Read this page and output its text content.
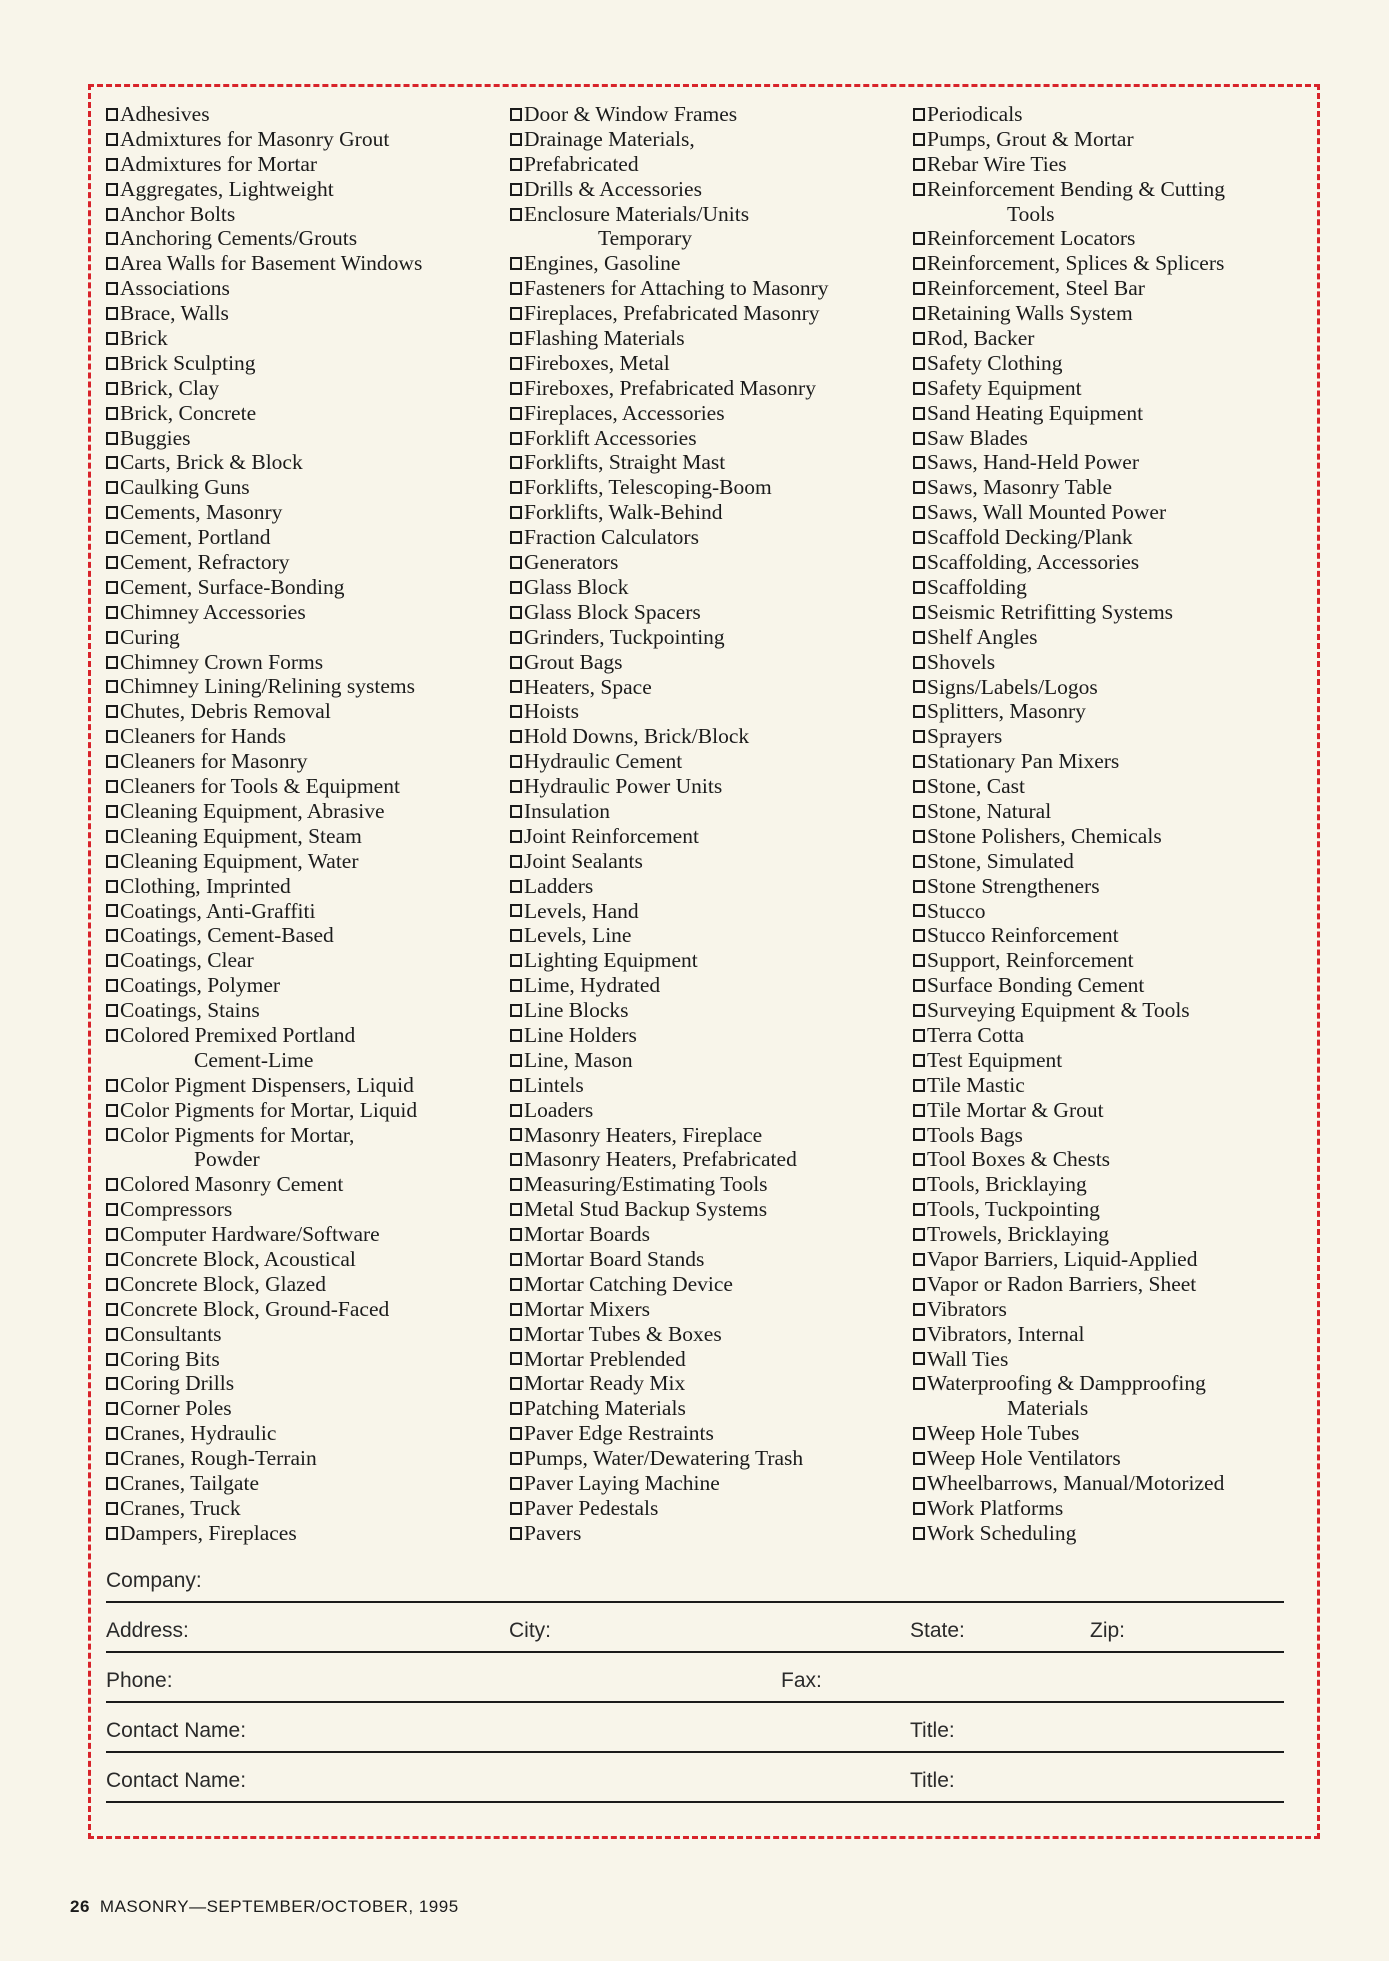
Adhesives
Admixtures for Masonry Grout
Admixtures for Mortar
Aggregates, Lightweight
Anchor Bolts
Anchoring Cements/Grouts
Area Walls for Basement Windows
Associations
Brace, Walls
Brick
Brick Sculpting
Brick, Clay
Brick, Concrete
Buggies
Carts, Brick & Block
Caulking Guns
Cements, Masonry
Cement, Portland
Cement, Refractory
Cement, Surface-Bonding
Chimney Accessories
Curing
Chimney Crown Forms
Chimney Lining/Relining systems
Chutes, Debris Removal
Cleaners for Hands
Cleaners for Masonry
Cleaners for Tools & Equipment
Cleaning Equipment, Abrasive
Cleaning Equipment, Steam
Cleaning Equipment, Water
Clothing, Imprinted
Coatings, Anti-Graffiti
Coatings, Cement-Based
Coatings, Clear
Coatings, Polymer
Coatings, Stains
Colored Premixed Portland
Cement-Lime
Color Pigment Dispensers, Liquid
Color Pigments for Mortar, Liquid
Color Pigments for Mortar,
Powder
Colored Masonry Cement
Compressors
Computer Hardware/Software
Concrete Block, Acoustical
Concrete Block, Glazed
Concrete Block, Ground-Faced
Consultants
Coring Bits
Coring Drills
Corner Poles
Cranes, Hydraulic
Cranes, Rough-Terrain
Cranes, Tailgate
Cranes, Truck
Dampers, Fireplaces
Door & Window Frames
Drainage Materials,
Prefabricated
Drills & Accessories
Enclosure Materials/Units
Temporary
Engines, Gasoline
Fasteners for Attaching to Masonry
Fireplaces, Prefabricated Masonry
Flashing Materials
Fireboxes, Metal
Fireboxes, Prefabricated Masonry
Fireplaces, Accessories
Forklift Accessories
Forklifts, Straight Mast
Forklifts, Telescoping-Boom
Forklifts, Walk-Behind
Fraction Calculators
Generators
Glass Block
Glass Block Spacers
Grinders, Tuckpointing
Grout Bags
Heaters, Space
Hoists
Hold Downs, Brick/Block
Hydraulic Cement
Hydraulic Power Units
Insulation
Joint Reinforcement
Joint Sealants
Ladders
Levels, Hand
Levels, Line
Lighting Equipment
Lime, Hydrated
Line Blocks
Line Holders
Line, Mason
Lintels
Loaders
Masonry Heaters, Fireplace
Masonry Heaters, Prefabricated
Measuring/Estimating Tools
Metal Stud Backup Systems
Mortar Boards
Mortar Board Stands
Mortar Catching Device
Mortar Mixers
Mortar Tubes & Boxes
Mortar Preblended
Mortar Ready Mix
Patching Materials
Paver Edge Restraints
Pumps, Water/Dewatering Trash
Paver Laying Machine
Paver Pedestals
Pavers
Periodicals
Pumps, Grout & Mortar
Rebar Wire Ties
Reinforcement Bending & Cutting
Tools
Reinforcement Locators
Reinforcement, Splices & Splicers
Reinforcement, Steel Bar
Retaining Walls System
Rod, Backer
Safety Clothing
Safety Equipment
Sand Heating Equipment
Saw Blades
Saws, Hand-Held Power
Saws, Masonry Table
Saws, Wall Mounted Power
Scaffold Decking/Plank
Scaffolding, Accessories
Scaffolding
Seismic Retrifitting Systems
Shelf Angles
Shovels
Signs/Labels/Logos
Splitters, Masonry
Sprayers
Stationary Pan Mixers
Stone, Cast
Stone, Natural
Stone Polishers, Chemicals
Stone, Simulated
Stone Strengtheners
Stucco
Stucco Reinforcement
Support, Reinforcement
Surface Bonding Cement
Surveying Equipment & Tools
Terra Cotta
Test Equipment
Tile Mastic
Tile Mortar & Grout
Tools Bags
Tool Boxes & Chests
Tools, Bricklaying
Tools, Tuckpointing
Trowels, Bricklaying
Vapor Barriers, Liquid-Applied
Vapor or Radon Barriers, Sheet
Vibrators
Vibrators, Internal
Wall Ties
Waterproofing & Dampproofing
Materials
Weep Hole Tubes
Weep Hole Ventilators
Wheelbarrows, Manual/Motorized
Work Platforms
Work Scheduling
Company:
Address:	City:	State:	Zip:
Phone:	Fax:
Contact Name:	Title:
Contact Name:	Title:
26 MASONRY—SEPTEMBER/OCTOBER, 1995
